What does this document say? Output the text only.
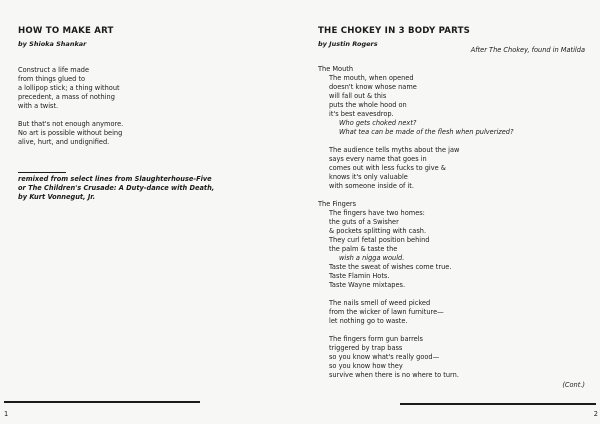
HOW TO MAKE ART
by Shioka Shankar
Construct a life made
from things glued to
a lollipop stick; a thing without
precedent, a mass of nothing
with a twist.
But that's not enough anymore.
No art is possible without being
alive, hurt, and undignified.
remixed from select lines from Slaughterhouse-Five
or The Children's Crusade: A Duty-dance with Death,
by Kurt Vonnegut, Jr.
1
THE CHOKEY IN 3 BODY PARTS
by Justin Rogers
After The Chokey, found in Matilda
The Mouth
The mouth, when opened
doesn't know whose name
will fall out & this
puts the whole hood on
it's best eavesdrop.
Who gets choked next?
What tea can be made of the flesh when pulverized?
The audience tells myths about the jaw
says every name that goes in
comes out with less fucks to give &
knows it's only valuable
with someone inside of it.
The Fingers
The fingers have two homes:
the guts of a Swisher
& pockets splitting with cash.
They curl fetal position behind
the palm & taste the
wish a nigga would.
Taste the sweat of wishes come true.
Taste Flamin Hots.
Taste Wayne mixtapes.
The nails smell of weed picked
from the wicker of lawn furniture—
let nothing go to waste.
The fingers form gun barrels
triggered by trap bass
so you know what's really good—
so you know how they
survive when there is no where to turn.
(Cont.)
2
